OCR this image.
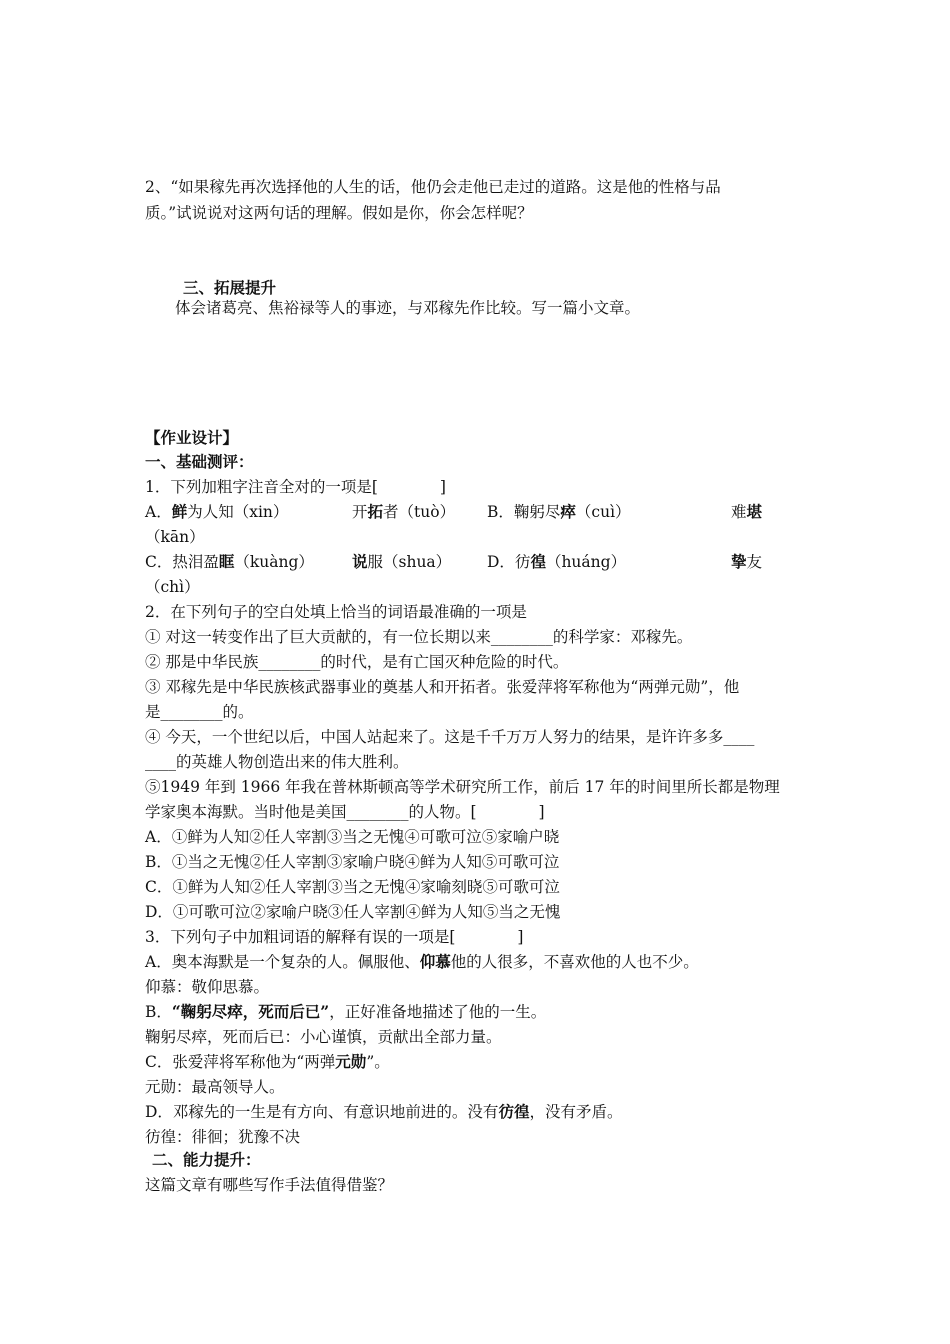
2、“如果稼先再次选择他的人生的话，他仍会走他已走过的道路。这是他的性格与品
质。”试说说对这两句话的理解。假如是你，你会怎样呢？
三、拓展提升
体会诸葛亮、焦裕禄等人的事迹，与邓稼先作比较。写一篇小文章。
【作业设计】
一、基础测评：
1．下列加粗字注音全对的一项是[　　　　]
A．鲜为人知（xin）	开拓者（tuò） B．鞠躬尽瘁（cuì）	难堪
（kān）
C．热泪盈眶（kuàng） 说服（shua） D．彷徨（huáng）	挚友
（chì）
2．在下列句子的空白处填上恰当的词语最准确的一项是
① 对这一转变作出了巨大贡献的，有一位长期以来________的科学家：邓稼先。
② 那是中华民族________的时代，是有亡国灭种危险的时代。
③ 邓稼先是中华民族核武器事业的奠基人和开拓者。张爱萍将军称他为“两弹元勋”，他
是________的。
④ 今天，一个世纪以后，中国人站起来了。这是千千万万人努力的结果，是许许多多____
____的英雄人物创造出来的伟大胜利。
⑤1949 年到 1966 年我在普林斯顿高等学术研究所工作，前后 17 年的时间里所长都是物理
学家奥本海默。当时他是美国________的人物。[　　　　]
A．①鲜为人知②任人宰割③当之无愧④可歌可泣⑤家喻户晓
B．①当之无愧②任人宰割③家喻户晓④鲜为人知⑤可歌可泣
C．①鲜为人知②任人宰割③当之无愧④家喻刻晓⑤可歌可泣
D．①可歌可泣②家喻户晓③任人宰割④鲜为人知⑤当之无愧
3．下列句子中加粗词语的解释有误的一项是[　　　　]
A．奥本海默是一个复杂的人。佩服他、仰慕他的人很多，不喜欢他的人也不少。
仰慕：敬仰思慕。
B．“鞠躬尽瘁，死而后已”，正好准备地描述了他的一生。
鞠躬尽瘁，死而后已：小心谨慎，贡献出全部力量。
C．张爱萍将军称他为“两弹元勋”。
元勋：最高领导人。
D．邓稼先的一生是有方向、有意识地前进的。没有彷徨，没有矛盾。
彷徨：徘徊；犹豫不决
二、能力提升：
这篇文章有哪些写作手法值得借鉴？
